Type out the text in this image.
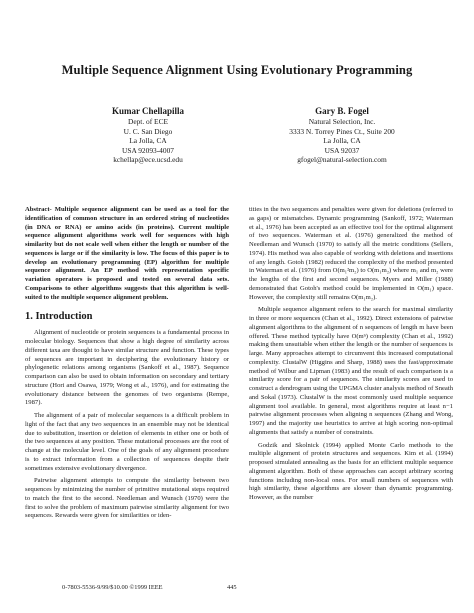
Multiple Sequence Alignment Using Evolutionary Programming
Kumar Chellapilla
Dept. of ECE
U. C. San Diego
La Jolla, CA
USA 92093-4007
kchellap@ece.ucsd.edu
Gary B. Fogel
Natural Selection, Inc.
3333 N. Torrey Pines Ct., Suite 200
La Jolla, CA
USA 92037
gfogel@natural-selection.com

Abstract- Multiple sequence alignment can be used as a tool for the identification of common structure in an ordered string of nucleotides (in DNA or RNA) or amino acids (in proteins). Current multiple sequence alignment algorithms work well for sequences with high similarity but do not scale well when either the length or number of the sequences is large or if the similarity is low. The focus of this paper is to develop an evolutionary programming (EP) algorithm for multiple sequence alignment. An EP method with representation specific variation operators is proposed and tested on several data sets. Comparisons to other algorithms suggests that this algorithm is well-suited to the multiple sequence alignment problem.

1. Introduction

Alignment of nucleotide or protein sequences is a fundamental process in molecular biology. Sequences that show a high degree of similarity across different taxa are thought to have similar structure and function. These types of sequences are important in deciphering the evolutionary history or phylogenetic relations among organisms (Sankoff et al., 1987). Sequence comparison can also be used to obtain information on secondary and tertiary structure (Hori and Osawa, 1979; Wong et al., 1976), and for estimating the evolutionary distance between the genomes of two organisms (Rempe, 1987).

The alignment of a pair of molecular sequences is a difficult problem in light of the fact that any two sequences in an ensemble may not be identical due to substitution, insertion or deletion of elements in either one or both of the two sequences at any position. These mutational processes are the root of change at the molecular level. One of the goals of any alignment procedure is to extract information from a collection of sequences despite their sometimes extensive evolutionary divergence.

Pairwise alignment attempts to compute the similarity between two sequences by minimizing the number of primitive mutational steps required to match the first to the second. Needleman and Wunsch (1970) were the first to solve the problem of maximum pairwise similarity alignment for two sequences. Rewards were given for similarities or iden-

tities in the two sequences and penalties were given for deletions (referred to as gaps) or mismatches. Dynamic programming (Sankoff, 1972; Waterman et al., 1976) has been accepted as an effective tool for the optimal alignment of two sequences. Waterman et al. (1976) generalized the method of Needleman and Wunsch (1970) to satisfy all the metric conditions (Sellers, 1974). His method was also capable of working with deletions and insertions of any length. Gotoh (1982) reduced the complexity of the method presented in Waterman et al. (1976) from O(m₁²m₂) to O(m₁m₂) where m₁ and m₂ were the lengths of the first and second sequences. Myers and Miller (1988) demonstrated that Gotoh's method could be implemented in O(m₁) space. However, the complexity still remains O(m₁m₂).

Multiple sequence alignment refers to the search for maximal similarity in three or more sequences (Chan et al., 1992). Direct extensions of pairwise alignment algorithms to the alignment of n sequences of length m have been offered. These method typically have O(mⁿ) complexity (Chan et al., 1992) making them unsuitable when either the length or the number of sequences is large. Many approaches attempt to circumvent this increased computational complexity. ClustalW (Higgins and Sharp, 1988) uses the fast/approximate method of Wilbur and Lipman (1983) and the result of each comparison is a similarity score for a pair of sequences. The similarity scores are used to construct a dendrogram using the UPGMA cluster analysis method of Sneath and Sokal (1973). ClustalW is the most commonly used multiple sequence alignment tool available. In general, most algorithms require at least n−1 pairwise alignment processes when aligning n sequences (Zhang and Wong, 1997) and the majority use heuristics to arrive at high scoring non-optimal alignments that satisfy a number of constraints.

Godzik and Skolnick (1994) applied Monte Carlo methods to the multiple alignment of protein structures and sequences. Kim et al. (1994) proposed simulated annealing as the basis for an efficient multiple sequence alignment algorithm. Both of these approaches can accept arbitrary scoring functions including non-local ones. For small numbers of sequences with high similarity, these algorithms are slower than dynamic programming. However, as the number

0-7803-5536-9/99/$10.00 ©1999 IEEE	445
